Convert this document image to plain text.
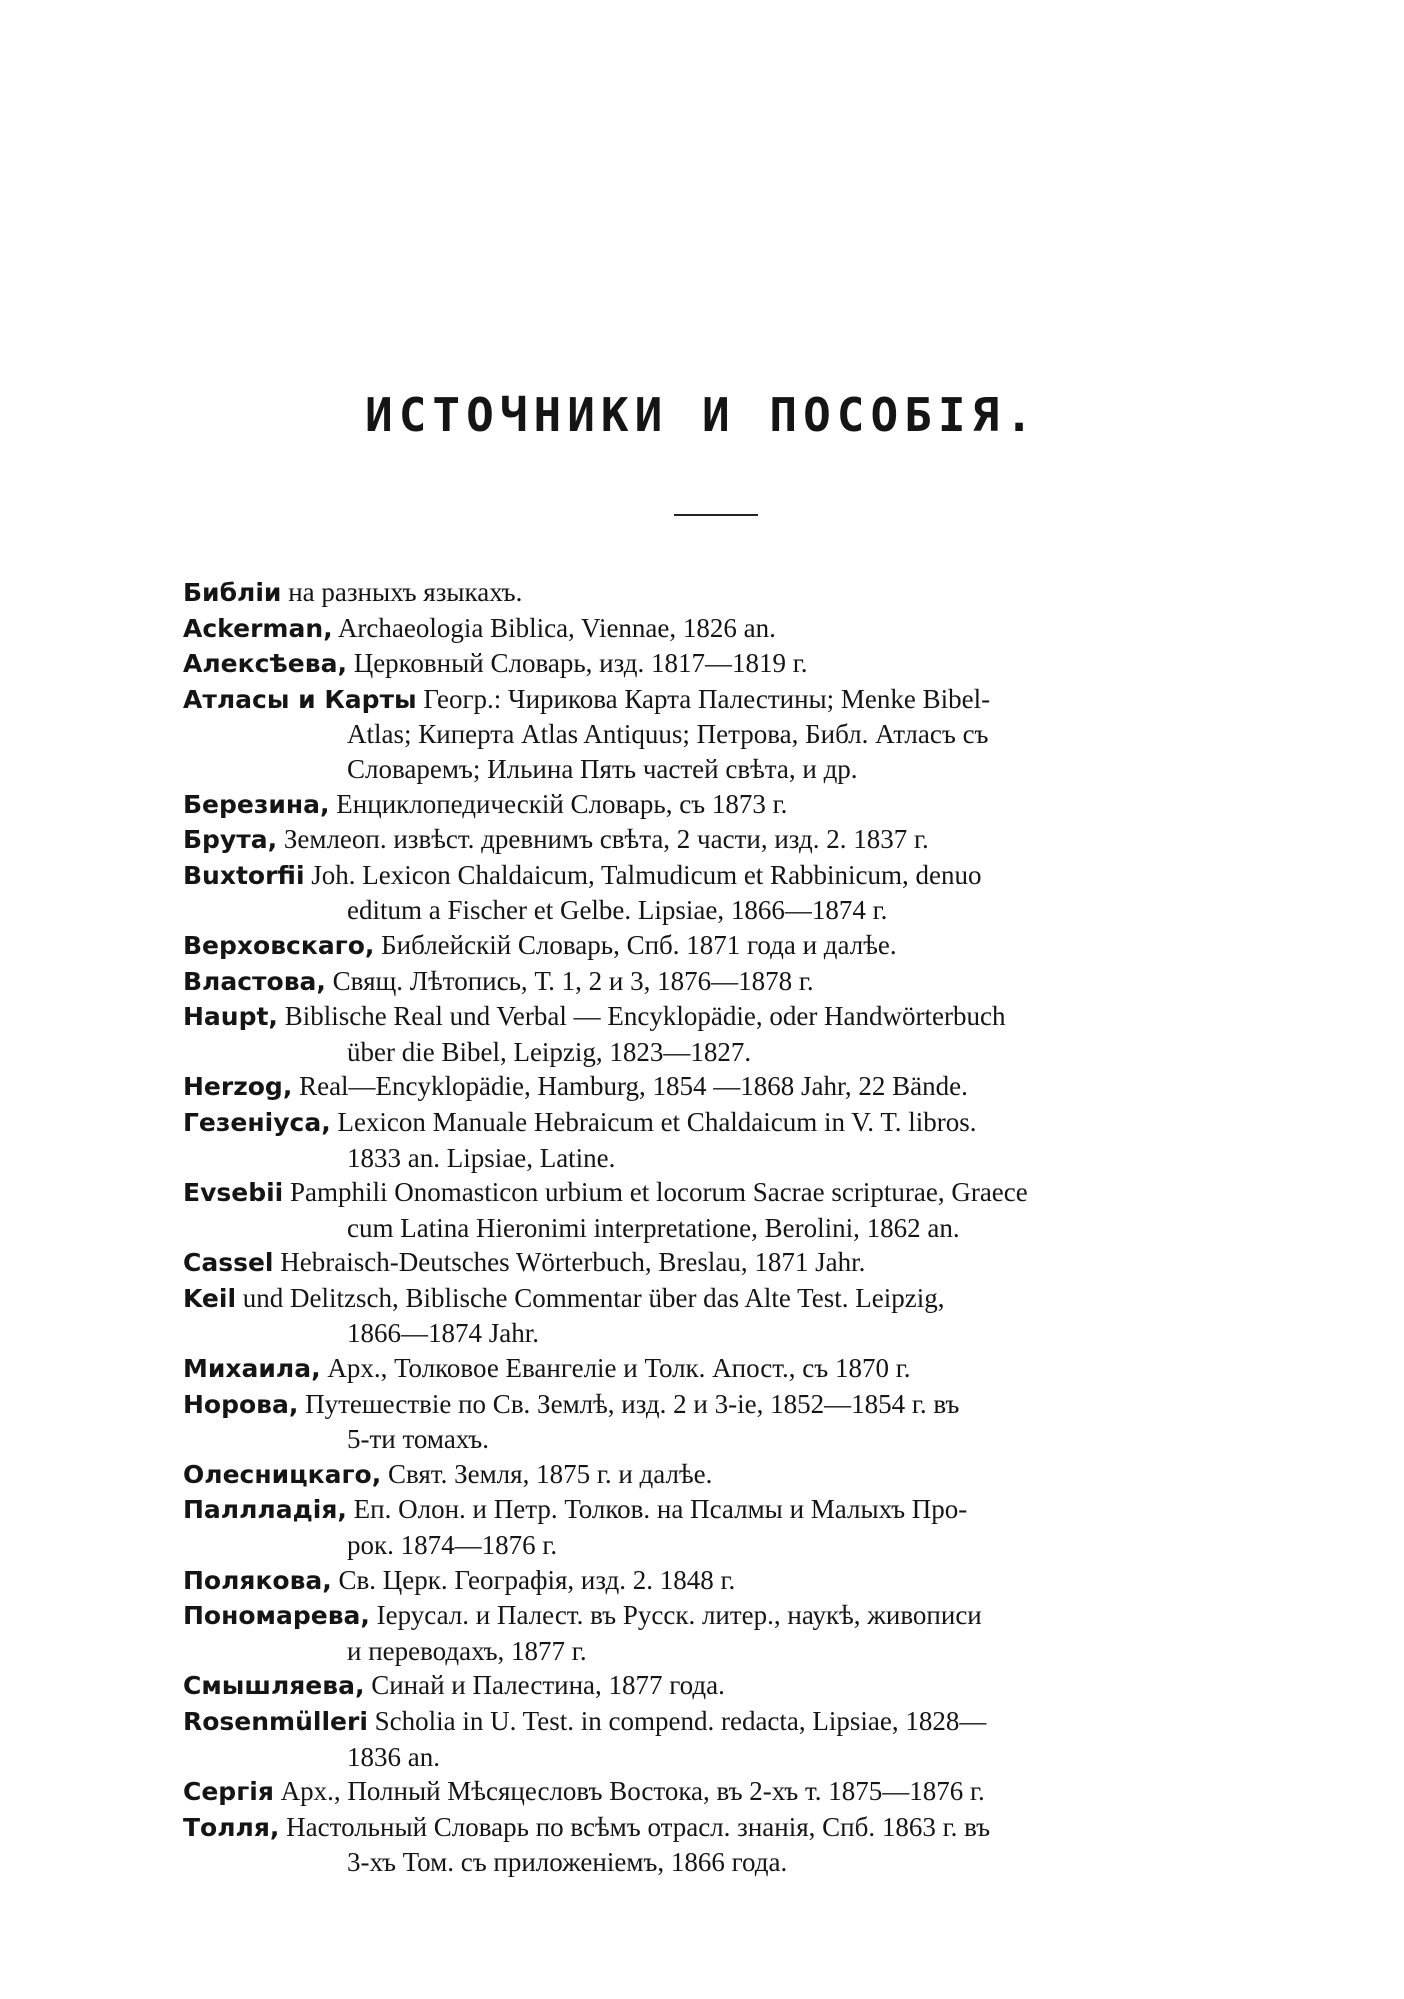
ИСТОЧНИКИ И ПОСОБІЯ.
Библіи на разныхъ языкахъ.
Ackerman, Archaeologia Biblica, Viennae, 1826 an.
Алексѣева, Церковный Словарь, изд. 1817—1819 г.
Атласы и Карты Геогр.: Чирикова Карта Палестины; Menke Bibel-
Atlas; Киперта Atlas Antiquus; Петрова, Библ. Атласъ съ
Словаремъ; Ильина Пять частей свѣта, и др.
Березина, Енциклопедическій Словарь, съ 1873 г.
Брута, Землеоп. извѣст. древнимъ свѣта, 2 части, изд. 2. 1837 г.
Buxtorfii Joh. Lexicon Chaldaicum, Talmudicum et Rabbinicum, denuo
editum a Fischer et Gelbe. Lipsiae, 1866—1874 г.
Верховскаго, Библейскій Словарь, Спб. 1871 года и далѣе.
Властова, Свящ. Лѣтопись, Т. 1, 2 и 3, 1876—1878 г.
Haupt, Biblische Real und Verbal — Encyklopädie, oder Handwörterbuch
über die Bibel, Leipzig, 1823—1827.
Herzog, Real—Encyklopädie, Hamburg, 1854 —1868 Jahr, 22 Bände.
Гезеніуса, Lexicon Manuale Hebraicum et Chaldaicum in V. T. libros.
1833 an. Lipsiae, Latine.
Evsebii Pamphili Onomasticon urbium et locorum Sacrae scripturae, Graece
cum Latina Hieronimi interpretatione, Berolini, 1862 an.
Cassel Hebraisch-Deutsches Wörterbuch, Breslau, 1871 Jahr.
Keil und Delitzsch, Biblische Commentar über das Alte Test. Leipzig,
1866—1874 Jahr.
Михаила, Арх., Толковое Евангеліе и Толк. Апост., съ 1870 г.
Норова, Путешествіе по Св. Землѣ, изд. 2 и 3-іе, 1852—1854 г. въ
5-ти томахъ.
Олесницкаго, Свят. Земля, 1875 г. и далѣе.
Паллладія, Еп. Олон. и Петр. Толков. на Псалмы и Малыхъ Про-
рок. 1874—1876 г.
Полякова, Св. Церк. Географія, изд. 2. 1848 г.
Пономарева, Іерусал. и Палест. въ Русск. литер., наукѣ, живописи
и переводахъ, 1877 г.
Смышляева, Синай и Палестина, 1877 года.
Rosenmülleri Scholia in U. Test. in compend. redacta, Lipsiae, 1828—
1836 an.
Сергія Арх., Полный Мѣсяцесловъ Востока, въ 2-хъ т. 1875—1876 г.
Толля, Настольный Словарь по всѣмъ отрасл. знанія, Спб. 1863 г. въ
3-хъ Том. съ приложеніемъ, 1866 года.
